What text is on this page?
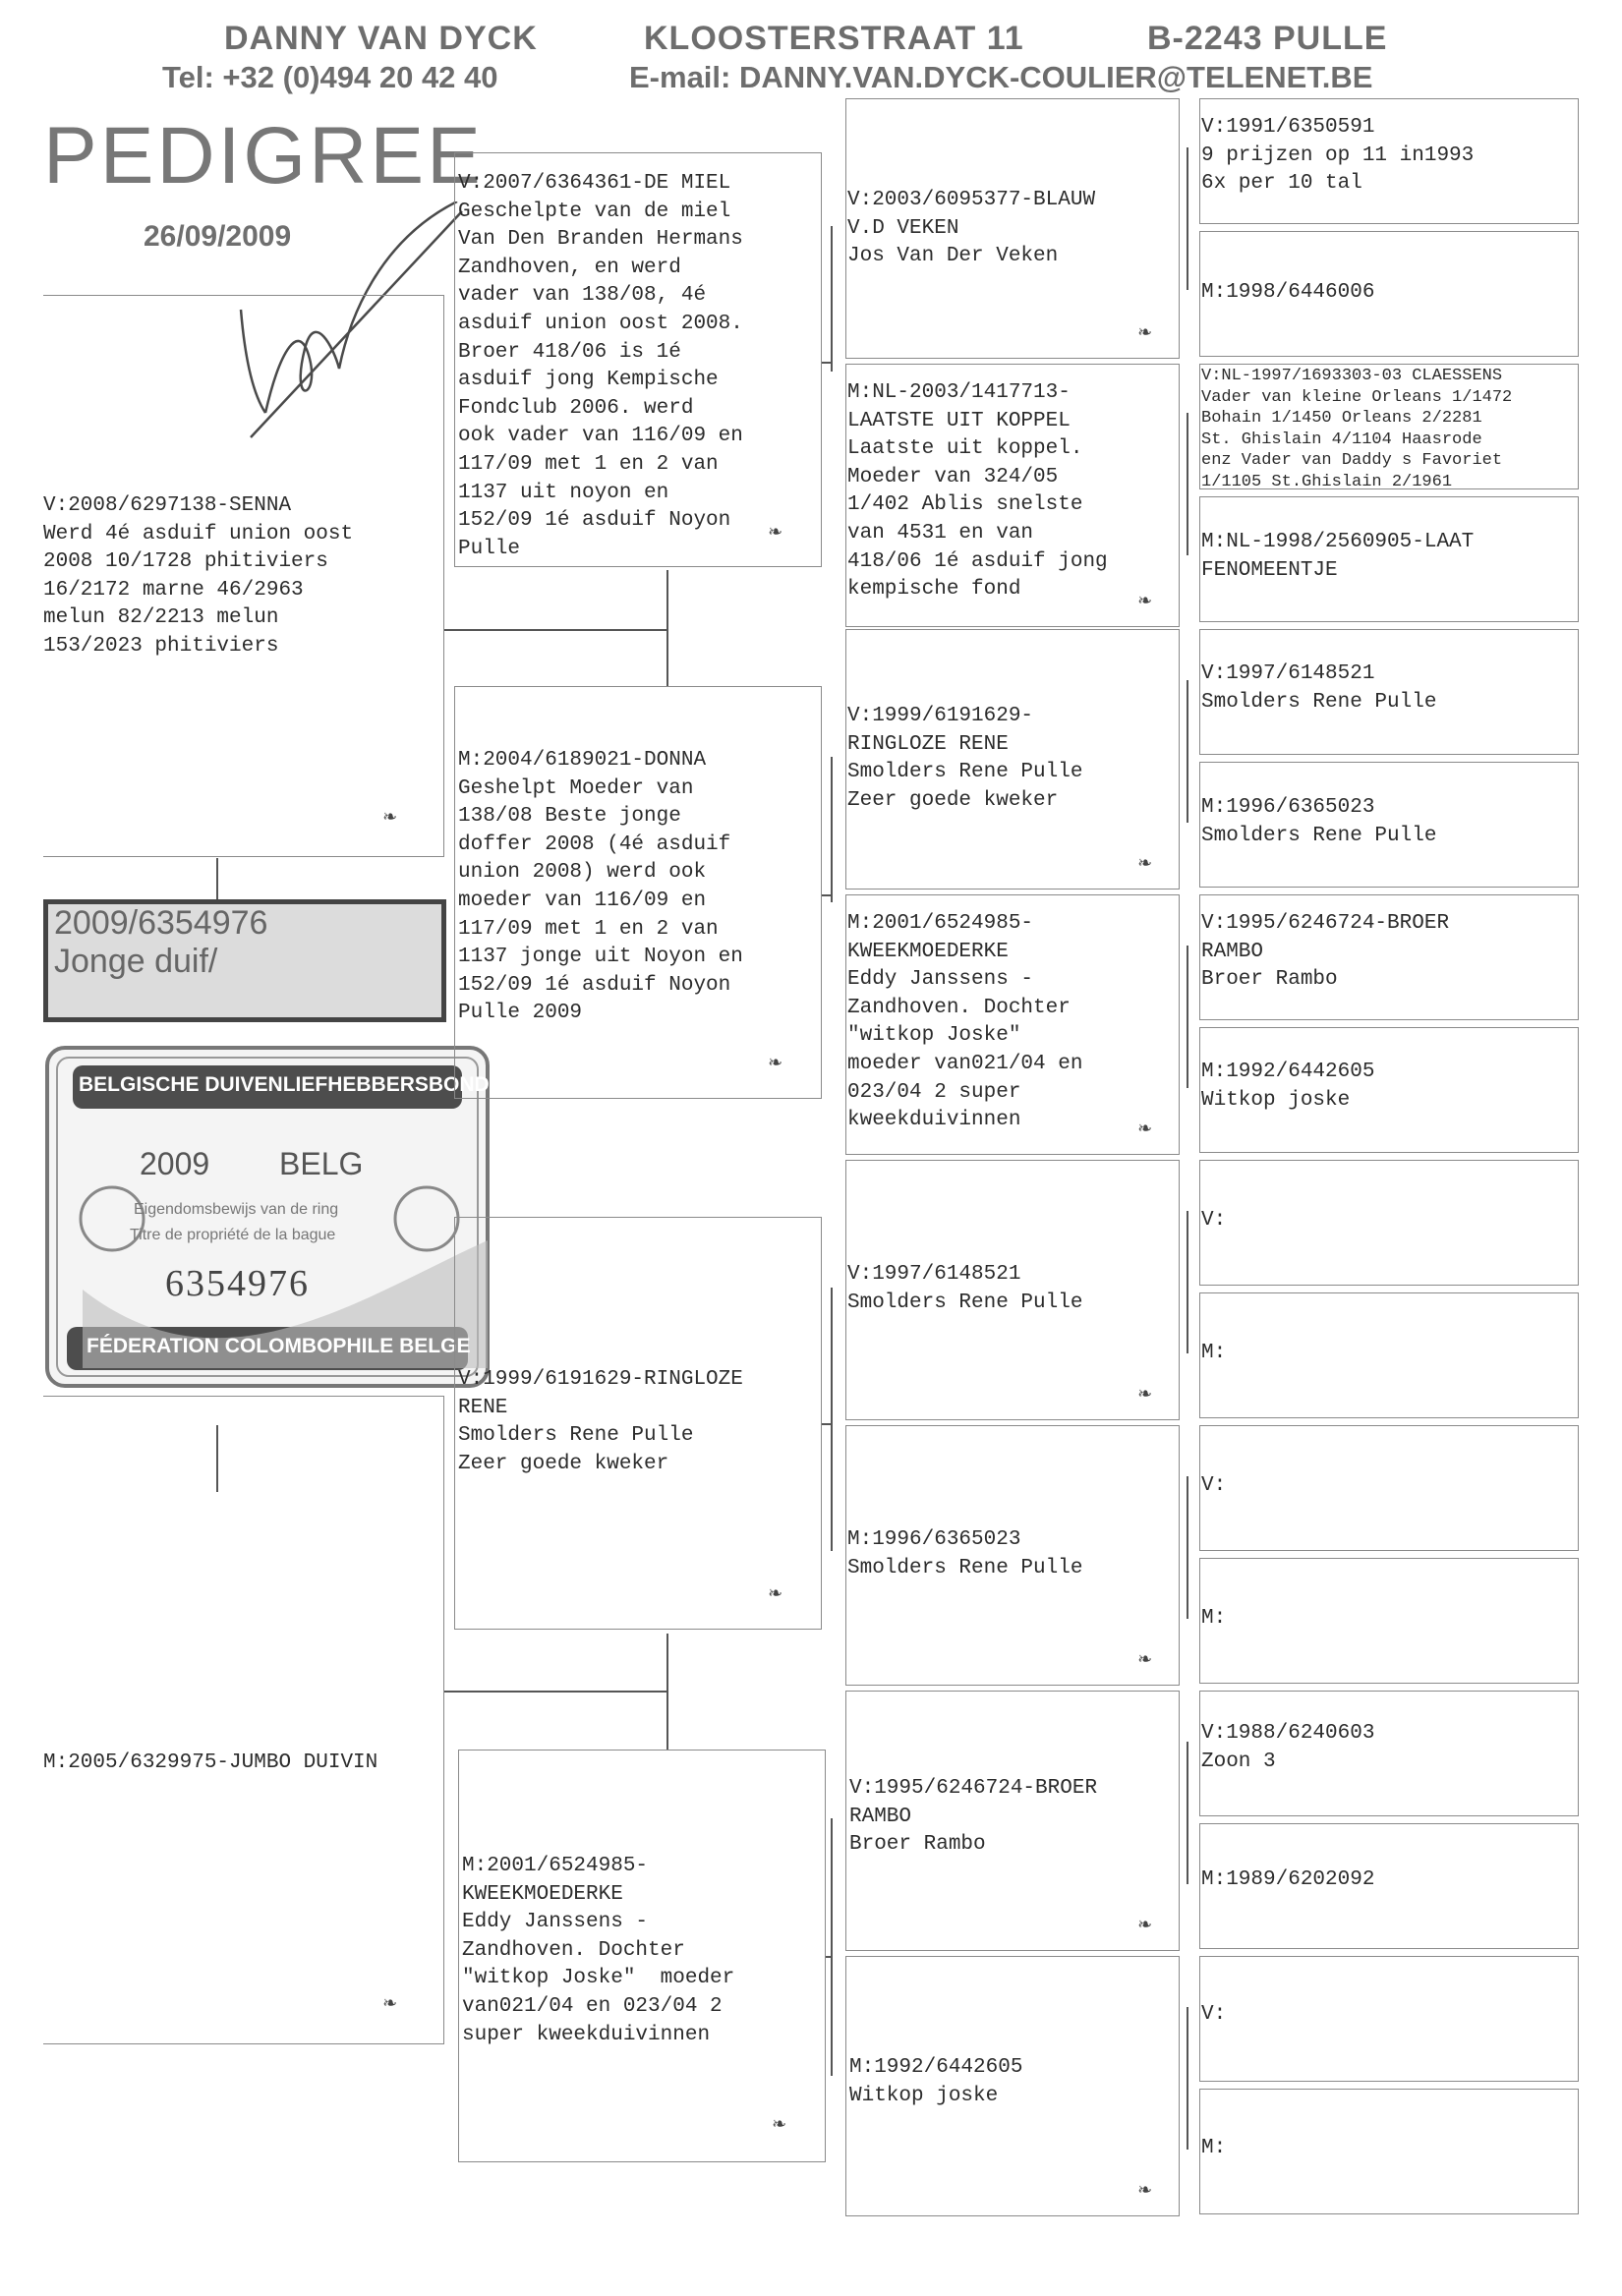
DANNY VAN DYCK	KLOOSTERSTRAAT 11	B-2243 PULLE
Tel: +32 (0)494 20 42 40	E-mail: DANNY.VAN.DYCK-COULIER@TELENET.BE
PEDIGREE
26/09/2009
V:2008/6297138-SENNA
Werd 4é asduif union oost
2008 10/1728 phitiviers
16/2172 marne 46/2963
melun 82/2213 melun
153/2023 phitiviers
❧
M:2005/6329975-JUMBO DUIVIN
❧
2009/6354976
Jonge duif/
BELGISCHE DUIVENLIEFHEBBERSBOND
2009 BELG
Eigendomsbewijs van de ring
Titre de propriété de la bague
6354976
FÉDERATION COLOMBOPHILE BELGE
V:2007/6364361-DE MIEL
Geschelpte van de miel
Van Den Branden Hermans
Zandhoven, en werd
vader van 138/08, 4é
asduif union oost 2008.
Broer 418/06 is 1é
asduif jong Kempische
Fondclub 2006. werd
ook vader van 116/09 en
117/09 met 1 en 2 van
1137 uit noyon en
152/09 1é asduif Noyon
Pulle
❧
M:2004/6189021-DONNA
Geshelpt Moeder van
138/08 Beste jonge
doffer 2008 (4é asduif
union 2008) werd ook
moeder van 116/09 en
117/09 met 1 en 2 van
1137 jonge uit Noyon en
152/09 1é asduif Noyon
Pulle 2009
❧
V:1999/6191629-RINGLOZE
RENE
Smolders Rene Pulle
Zeer goede kweker
❧
M:2001/6524985-
KWEEKMOEDERKE
Eddy Janssens -
Zandhoven. Dochter
"witkop Joske"  moeder
van021/04 en 023/04 2
super kweekduivinnen
❧
V:2003/6095377-BLAUW
V.D VEKEN
Jos Van Der Veken
❧
M:NL-2003/1417713-
LAATSTE UIT KOPPEL
Laatste uit koppel.
Moeder van 324/05
1/402 Ablis snelste
van 4531 en van
418/06 1é asduif jong
kempische fond	❧
V:1999/6191629-
RINGLOZE RENE
Smolders Rene Pulle
Zeer goede kweker
❧
M:2001/6524985-
KWEEKMOEDERKE
Eddy Janssens -
Zandhoven. Dochter
"witkop Joske"
moeder van021/04 en
023/04 2 super
kweekduivinnen	❧
V:1997/6148521
Smolders Rene Pulle
❧
M:1996/6365023
Smolders Rene Pulle
❧
V:1995/6246724-BROER
RAMBO
Broer Rambo
❧
M:1992/6442605
Witkop joske
❧
V:1991/6350591
9 prijzen op 11 in1993
6x per 10 tal
M:1998/6446006
V:NL-1997/1693303-03 CLAESSENS
Vader van kleine Orleans 1/1472
Bohain 1/1450 Orleans 2/2281
St. Ghislain 4/1104 Haasrode
enz Vader van Daddy s Favoriet
1/1105 St.Ghislain 2/1961
M:NL-1998/2560905-LAAT
FENOMEENTJE
V:1997/6148521
Smolders Rene Pulle
M:1996/6365023
Smolders Rene Pulle
V:1995/6246724-BROER
RAMBO
Broer Rambo
M:1992/6442605
Witkop joske
V:
M:
V:
M:
V:1988/6240603
Zoon 3
M:1989/6202092
V:
M:
